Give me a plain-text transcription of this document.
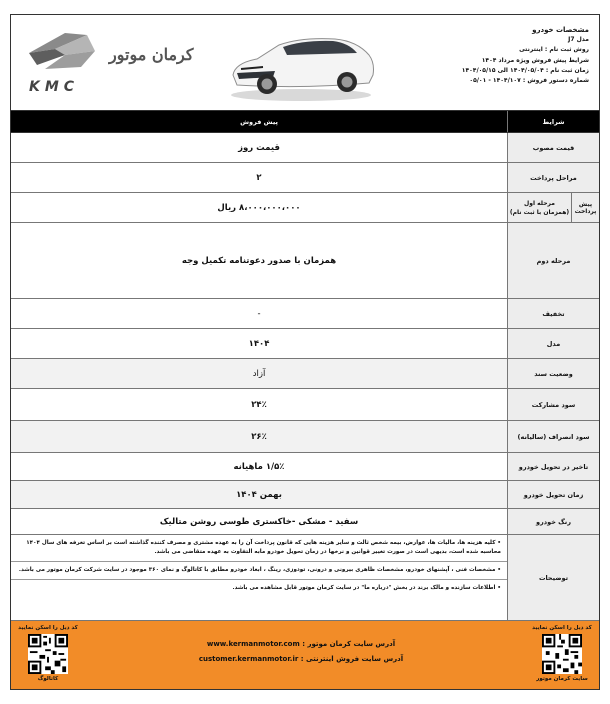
کرمان موتور
KMC
مشخصات خودرو
مدل J7
روش ثبت نام : اینترنتی
شرایط پیش فروش ویژه مرداد ۱۴۰۴
زمان ثبت نام : ۱۴۰۴/۰۵/۰۴ الی ۱۴۰۴/۰۵/۱۵
شماره دستور فروش : ۱۴۰۴/۱۰۷ - ۰۵/۰۱
شرایط
پیش فروش
قیمت مصوب
قیمت روز
مراحل پرداخت
۲
پیش پرداخت
مرحله اول
(همزمان با ثبت نام)
۸،۰۰۰،۰۰۰،۰۰۰ ریال
مرحله دوم
همزمان با صدور دعوتنامه تکمیل وجه
تخفیف
-
مدل
۱۴۰۴
وضعیت سند
آزاد
سود مشارکت
۲۴٪
سود انصراف (سالیانه)
۲۶٪
تاخیر در تحویل خودرو
۱/۵٪ ماهیانه
زمان تحویل خودرو
بهمن ۱۴۰۴
رنگ خودرو
سفید - مشکی -خاکستری طوسی روشن متالیک
توضیحات
• کلیه هزینه ها، مالیات ها، عوارض، بیمه شخص ثالث و سایر هزینه هایی که قانون پرداخت آن را به عهده مشتری و مصرف کننده گذاشته است بر اساس تعرفه های سال ۱۴۰۴ محاسبه شده است، بدیهی است در صورت تغییر قوانین و نرخها در زمان تحویل خودرو مابه التفاوت به عهده متقاضی می باشد.
• مشخصات فنی ، آپشنهای خودرو، مشخصات ظاهری بیرونی و درونی، تودوزی، رینگ ، ابعاد خودرو مطابق با کاتالوگ و نمای ۳۶۰ موجود در سایت شرکت کرمان موتور می باشد.
• اطلاعات سازنده و مالک برند در بخش "درباره ما" در سایت کرمان موتور قابل مشاهده می باشد.
کد ذیل را اسکن نمایید
کاتالوگ
آدرس سایت کرمان موتور : www.kermanmotor.com
آدرس سایت فروش اینترنتی : customer.kermanmotor.ir
کد ذیل را اسکن نمایید
سایت کرمان موتور
